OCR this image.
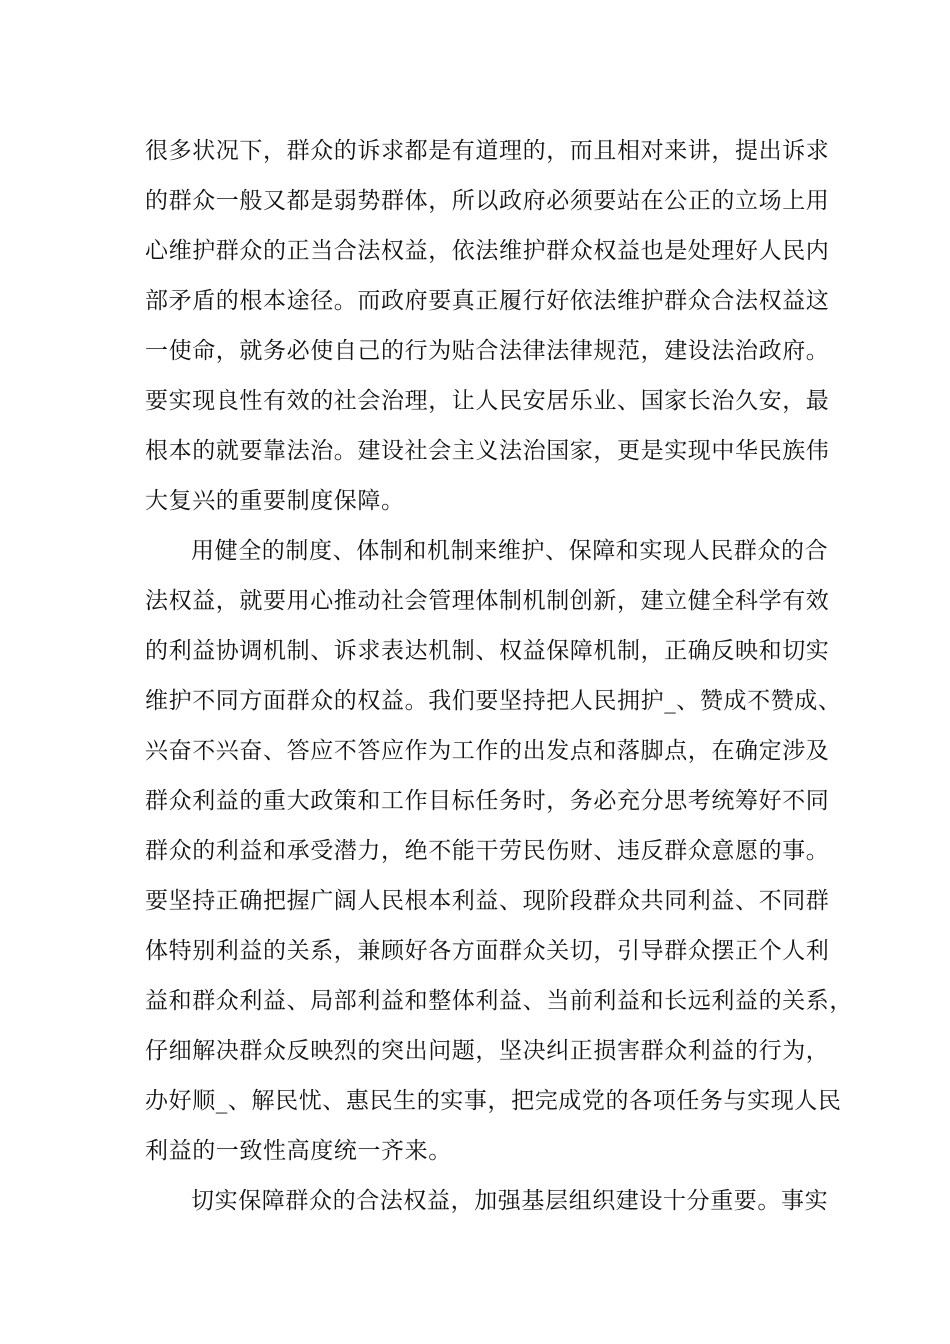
很多状况下，群众的诉求都是有道理的，而且相对来讲，提出诉求
的群众一般又都是弱势群体，所以政府必须要站在公正的立场上用
心维护群众的正当合法权益，依法维护群众权益也是处理好人民内
部矛盾的根本途径。而政府要真正履行好依法维护群众合法权益这
一使命，就务必使自己的行为贴合法律法律规范，建设法治政府。
要实现良性有效的社会治理，让人民安居乐业、国家长治久安，最
根本的就要靠法治。建设社会主义法治国家，更是实现中华民族伟
大复兴的重要制度保障。
用健全的制度、体制和机制来维护、保障和实现人民群众的合
法权益，就要用心推动社会管理体制机制创新，建立健全科学有效
的利益协调机制、诉求表达机制、权益保障机制，正确反映和切实
维护不同方面群众的权益。我们要坚持把人民拥护_、赞成不赞成、
兴奋不兴奋、答应不答应作为工作的出发点和落脚点，在确定涉及
群众利益的重大政策和工作目标任务时，务必充分思考统筹好不同
群众的利益和承受潜力，绝不能干劳民伤财、违反群众意愿的事。
要坚持正确把握广阔人民根本利益、现阶段群众共同利益、不同群
体特别利益的关系，兼顾好各方面群众关切，引导群众摆正个人利
益和群众利益、局部利益和整体利益、当前利益和长远利益的关系，
仔细解决群众反映烈的突出问题，坚决纠正损害群众利益的行为，
办好顺_、解民忧、惠民生的实事，把完成党的各项任务与实现人民
利益的一致性高度统一齐来。
切实保障群众的合法权益，加强基层组织建设十分重要。事实
